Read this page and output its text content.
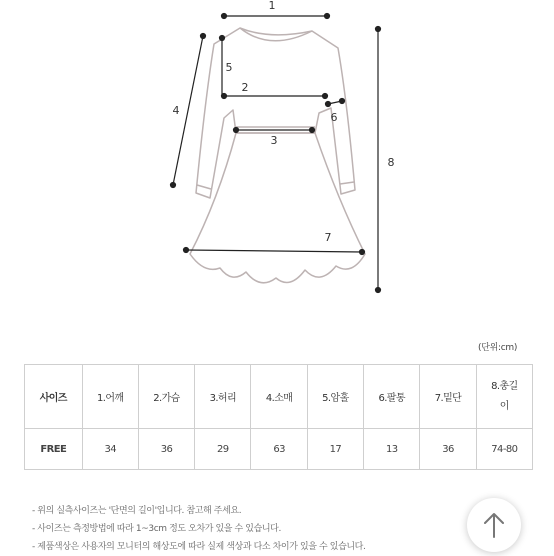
1
2
3
4
5
6
7
8
(단위:cm)
사이즈	1.어깨	2.가슴	3.허리	4.소매	5.암홀	6.팔통	7.밑단	8.총길
이
FREE	34	36	29	63	17	13	36	74-80
- 위의 실측사이즈는 '단면의 길이'입니다. 참고해 주세요.
- 사이즈는 측정방법에 따라 1~3cm 정도 오차가 있을 수 있습니다.
- 제품색상은 사용자의 모니터의 해상도에 따라 실제 색상과 다소 차이가 있을 수 있습니다.
